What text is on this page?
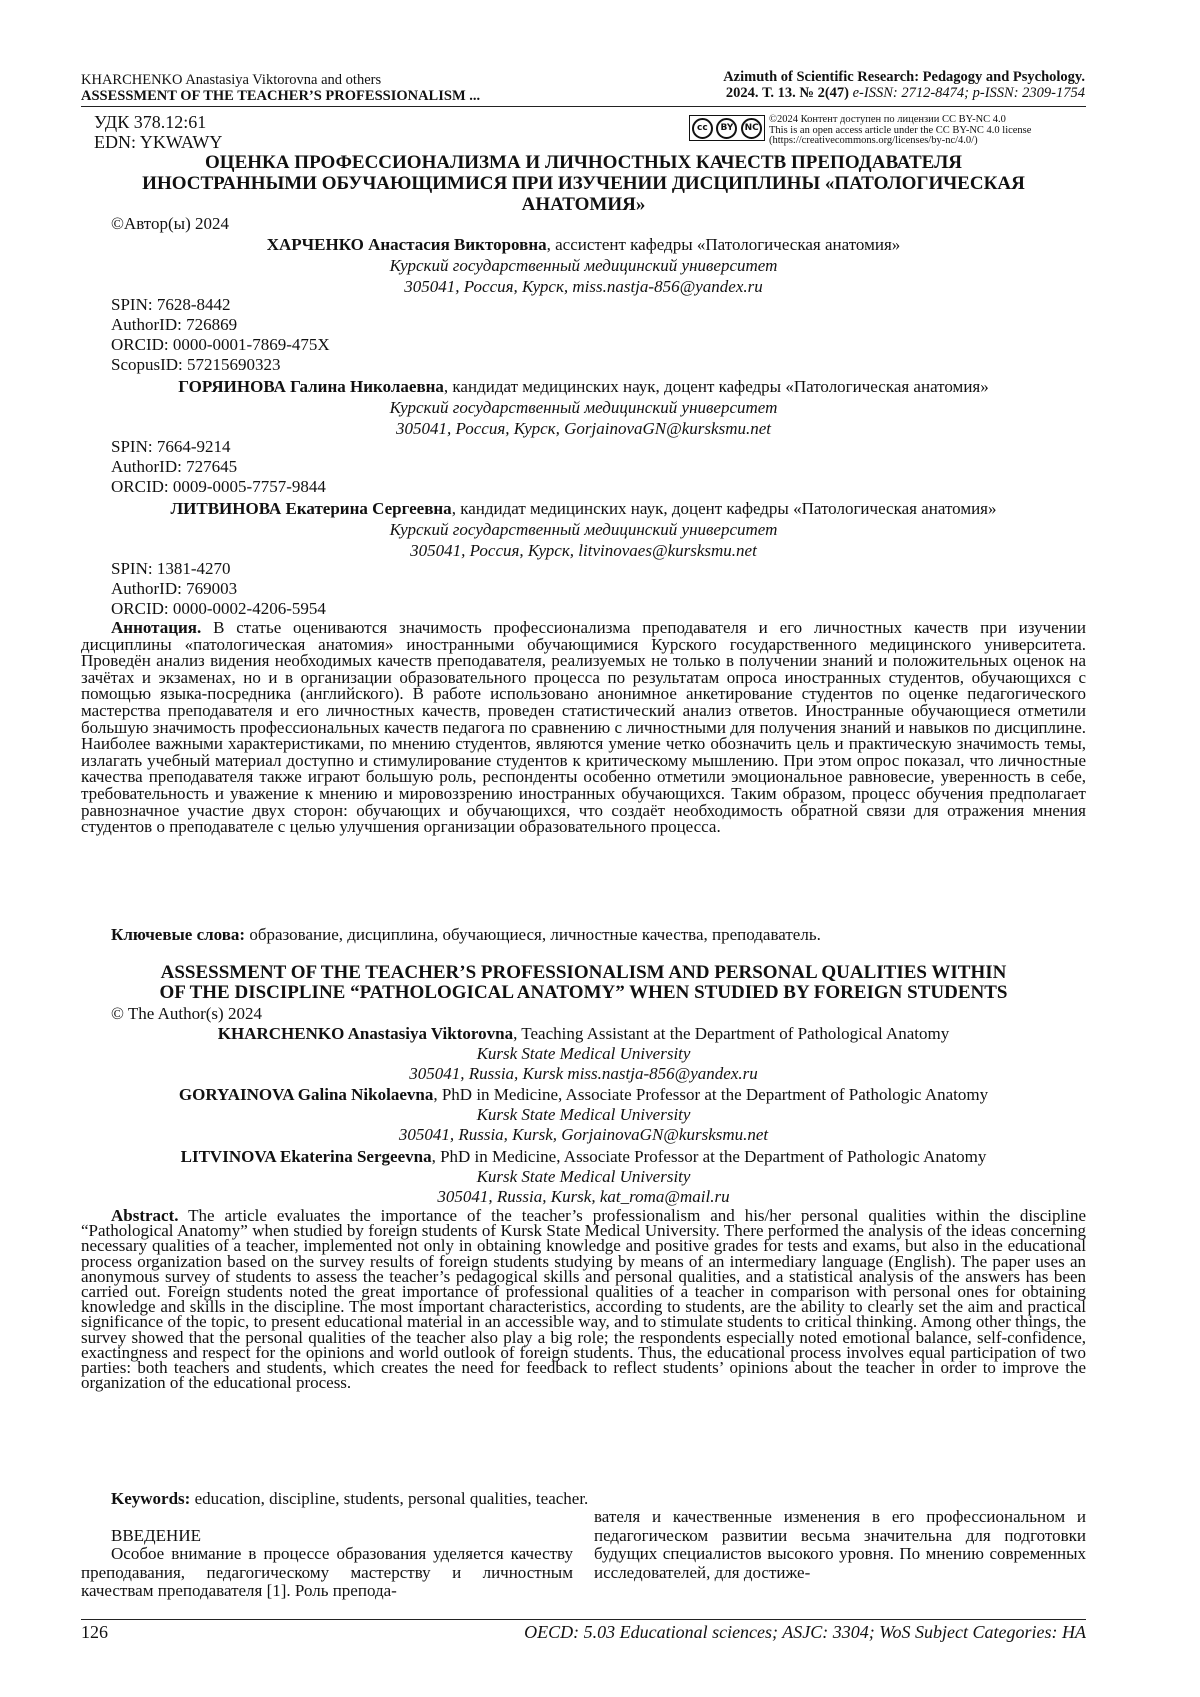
KHARCHENKO Anastasiya Viktorovna and others
ASSESSMENT OF THE TEACHER’S PROFESSIONALISM ...
Azimuth of Scientific Research: Pedagogy and Psychology.
2024. Т. 13. № 2(47) e-ISSN: 2712-8474; p-ISSN: 2309-1754
УДК 378.12:61
EDN: YKWAWY
cc	BY	NC
©2024 Контент доступен по лицензии CC BY-NC 4.0
This is an open access article under the CC BY-NC 4.0 license
(https://creativecommons.org/licenses/by-nc/4.0/)
ОЦЕНКА ПРОФЕССИОНАЛИЗМА И ЛИЧНОСТНЫХ КАЧЕСТВ ПРЕПОДАВАТЕЛЯ
ИНОСТРАННЫМИ ОБУЧАЮЩИМИСЯ ПРИ ИЗУЧЕНИИ ДИСЦИПЛИНЫ «ПАТОЛОГИЧЕСКАЯ
АНАТОМИЯ»
©Автор(ы) 2024
ХАРЧЕНКО Анастасия Викторовна, ассистент кафедры «Патологическая анатомия»
Курский государственный медицинский университет
305041, Россия, Курск, miss.nastja-856@yandex.ru
SPIN: 7628-8442
AuthorID: 726869
ORCID: 0000-0001-7869-475X
ScopusID: 57215690323
ГОРЯИНОВА Галина Николаевна, кандидат медицинских наук, доцент кафедры «Патологическая анатомия»
Курский государственный медицинский университет
305041, Россия, Курск, GorjainovaGN@kursksmu.net
SPIN: 7664-9214
AuthorID: 727645
ORCID: 0009-0005-7757-9844
ЛИТВИНОВА Екатерина Сергеевна, кандидат медицинских наук, доцент кафедры «Патологическая анатомия»
Курский государственный медицинский университет
305041, Россия, Курск, litvinovaes@kursksmu.net
SPIN: 1381-4270
AuthorID: 769003
ORCID: 0000-0002-4206-5954
Аннотация. В статье оцениваются значимость профессионализма преподавателя и его личностных качеств при изучении дисциплины «патологическая анатомия» иностранными обучающимися Курского государственного медицинского университета. Проведён анализ видения необходимых качеств преподавателя, реализуемых не только в получении знаний и положительных оценок на зачётах и экзаменах, но и в организации образовательного процесса по результатам опроса иностранных студентов, обучающихся с помощью языка-посредника (английского). В работе использовано анонимное анкетирование студентов по оценке педагогического мастерства преподавателя и его личностных качеств, проведен статистический анализ ответов. Иностранные обучающиеся отметили большую значимость профессиональных качеств педагога по сравнению с личностными для получения знаний и навыков по дисциплине. Наиболее важными характеристиками, по мнению студентов, являются умение четко обозначить цель и практическую значимость темы, излагать учебный материал доступно и стимулирование студентов к критическому мышлению. При этом опрос показал, что личностные качества преподавателя также играют большую роль, респонденты особенно отметили эмоциональное равновесие, уверенность в себе, требовательность и уважение к мнению и мировоззрению иностранных обучающихся. Таким образом, процесс обучения предполагает равнозначное участие двух сторон: обучающих и обучающихся, что создаёт необходимость обратной связи для отражения мнения студентов о преподавателе с целью улучшения организации образовательного процесса.
Ключевые слова: образование, дисциплина, обучающиеся, личностные качества, преподаватель.
ASSESSMENT OF THE TEACHER’S PROFESSIONALISM AND PERSONAL QUALITIES WITHIN
OF THE DISCIPLINE “PATHOLOGICAL ANATOMY” WHEN STUDIED BY FOREIGN STUDENTS
© The Author(s) 2024
KHARCHENKO Anastasiya Viktorovna, Teaching Assistant at the Department of Pathological Anatomy
Kursk State Medical University
305041, Russia, Kursk miss.nastja-856@yandex.ru
GORYAINOVA Galina Nikolaevna, PhD in Medicine, Associate Professor at the Department of Pathologic Anatomy
Kursk State Medical University
305041, Russia, Kursk, GorjainovaGN@kursksmu.net
LITVINOVA Ekaterina Sergeevna, PhD in Medicine, Associate Professor at the Department of Pathologic Anatomy
Kursk State Medical University
305041, Russia, Kursk, kat_roma@mail.ru
Abstract. The article evaluates the importance of the teacher’s professionalism and his/her personal qualities within the discipline “Pathological Anatomy” when studied by foreign students of Kursk State Medical University. There performed the analysis of the ideas concerning necessary qualities of a teacher, implemented not only in obtaining knowledge and positive grades for tests and exams, but also in the educational process organization based on the survey results of foreign students studying by means of an intermediary language (English). The paper uses an anonymous survey of students to assess the teacher’s pedagogical skills and personal qualities, and a statistical analysis of the answers has been carried out. Foreign students noted the great importance of professional qualities of a teacher in comparison with personal ones for obtaining knowledge and skills in the discipline. The most important characteristics, according to students, are the ability to clearly set the aim and practical significance of the topic, to present educational material in an accessible way, and to stimulate students to critical thinking. Among other things, the survey showed that the personal qualities of the teacher also play a big role; the respondents especially noted emotional balance, self-confidence, exactingness and respect for the opinions and world outlook of foreign students. Thus, the educational process involves equal participation of two parties: both teachers and students, which creates the need for feedback to reflect students’ opinions about the teacher in order to improve the organization of the educational process.
Keywords: education, discipline, students, personal qualities, teacher.
ВВЕДЕНИЕ
Особое внимание в процессе образования уделяется качеству преподавания, педагогическому мастерству и личностным качествам преподавателя [1]. Роль препода-
вателя и качественные изменения в его профессиональном и педагогическом развитии весьма значительна для подготовки будущих специалистов высокого уровня. По мнению современных исследователей, для достиже-
126	OECD: 5.03 Educational sciences; ASJC: 3304; WoS Subject Categories: HA
